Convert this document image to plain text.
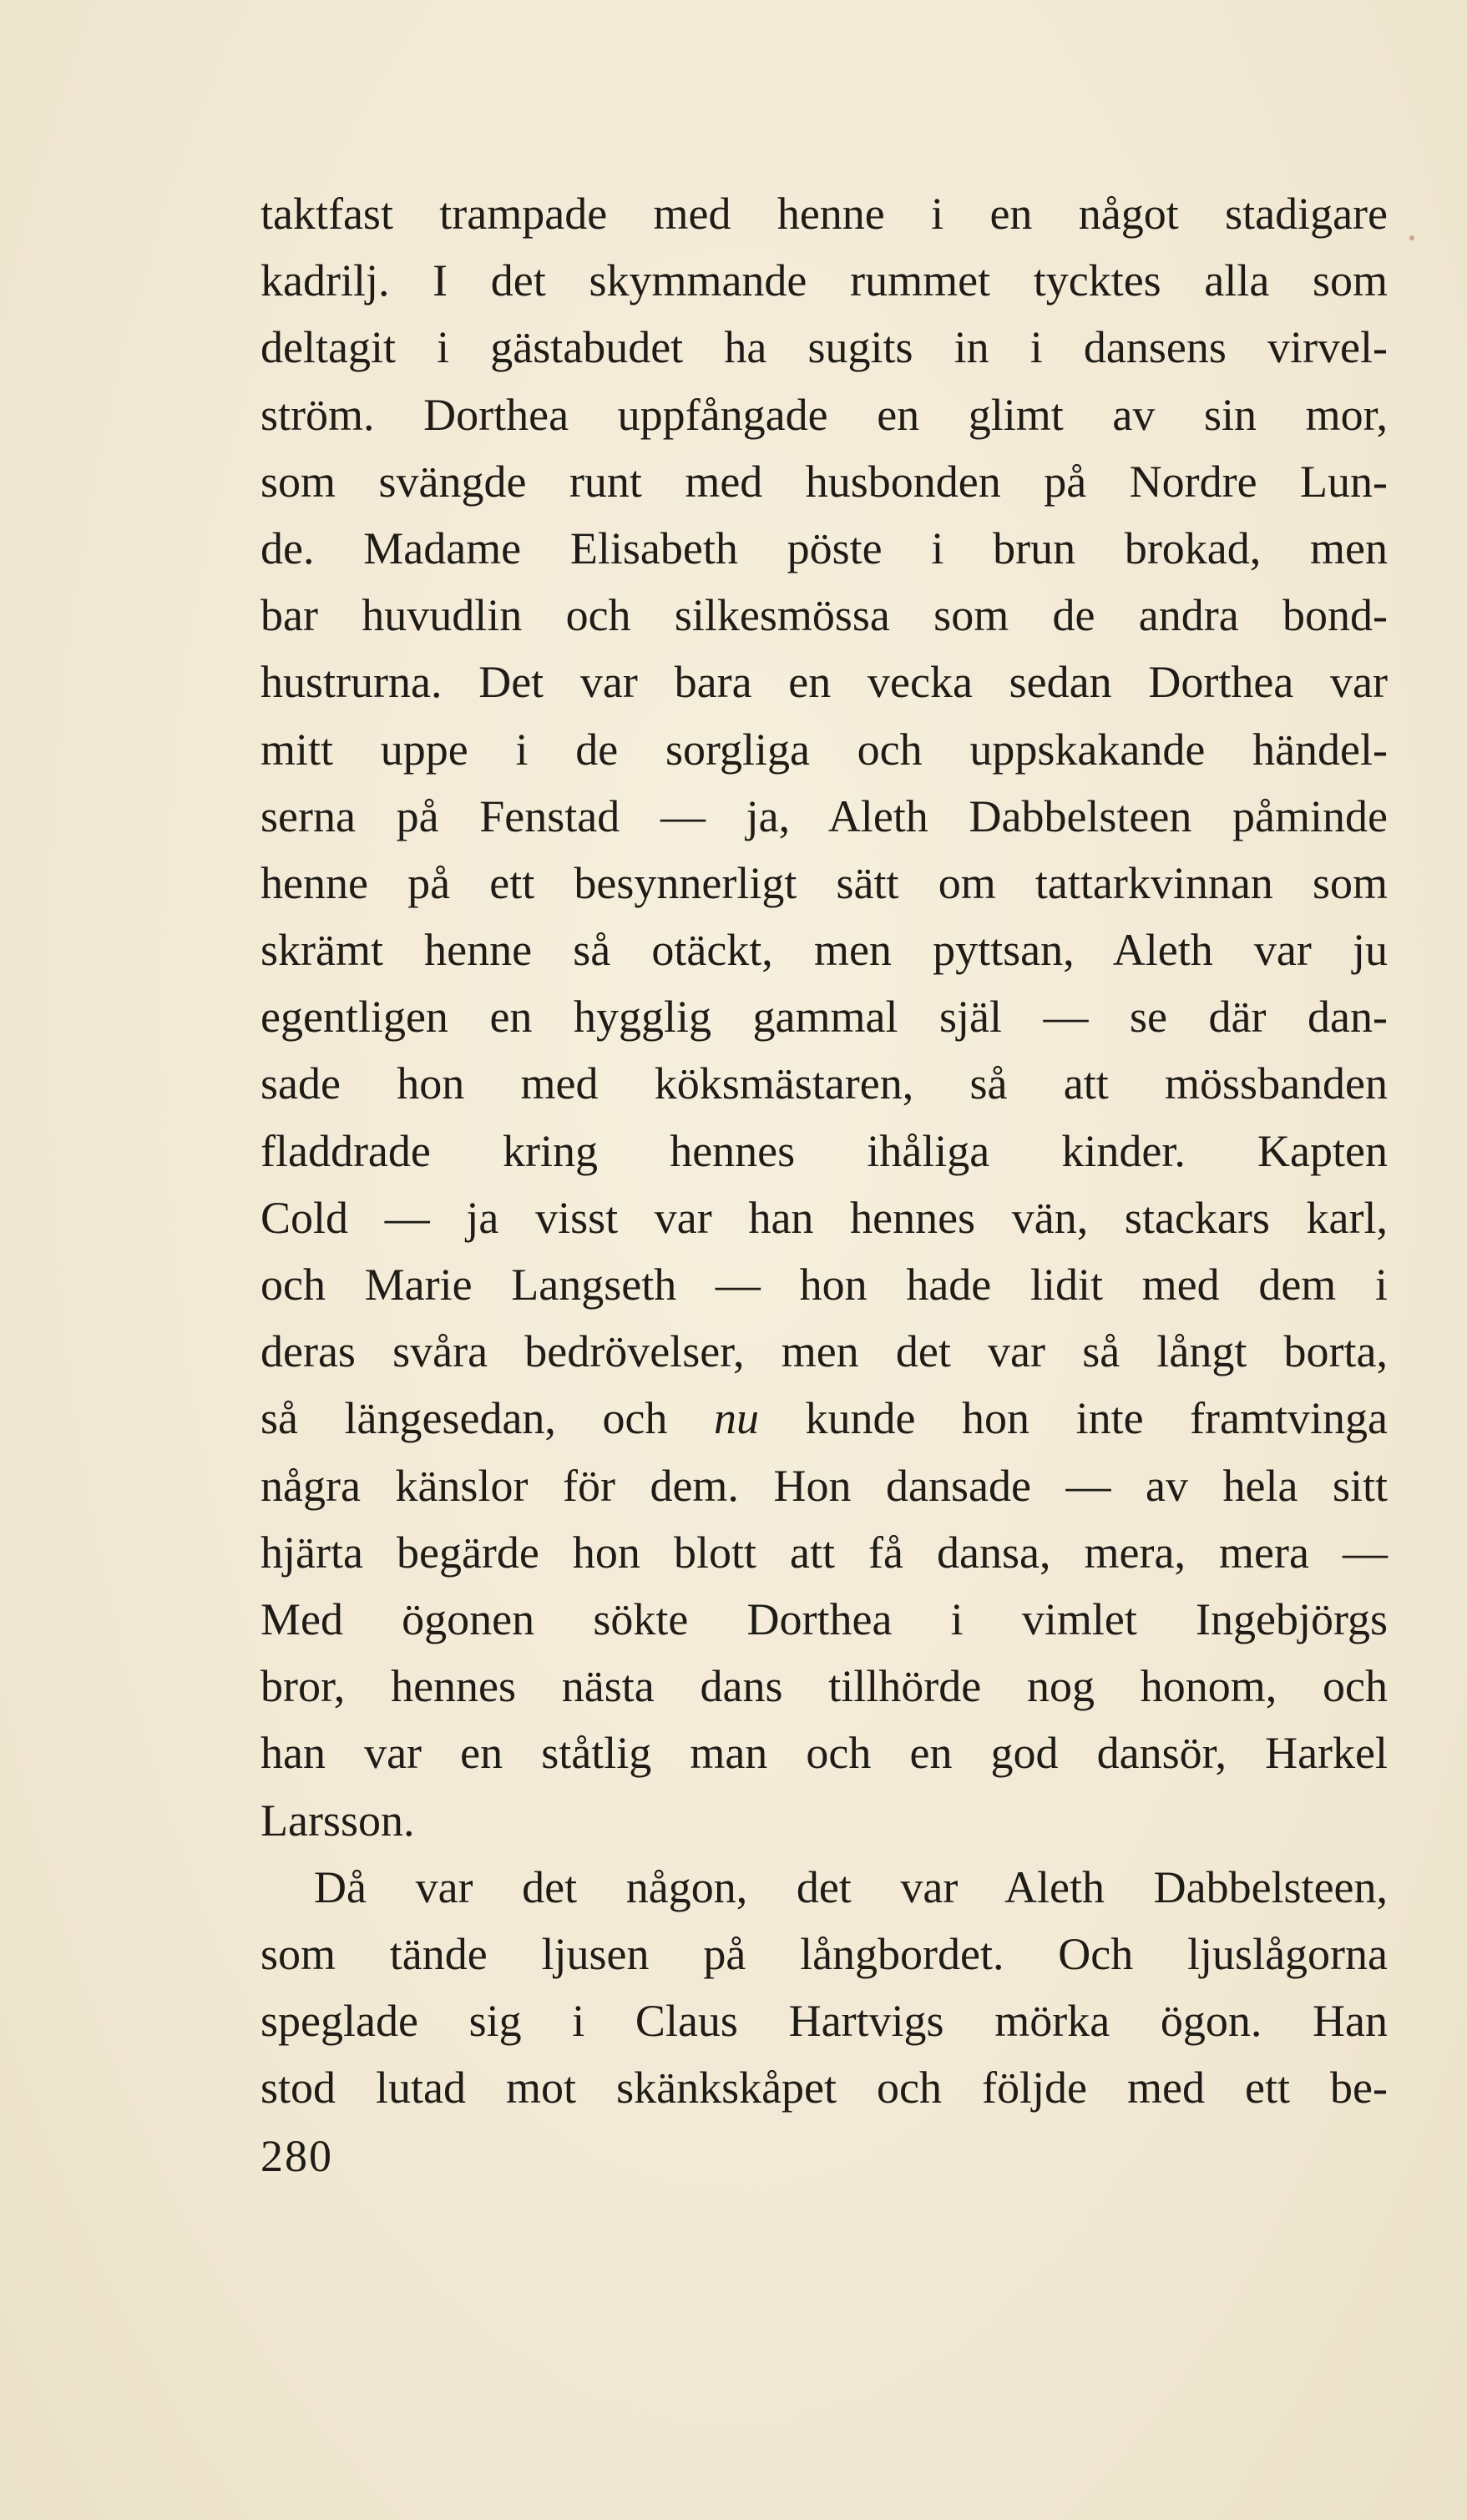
taktfast trampade med henne i en något stadigare
kadrilj. I det skymmande rummet tycktes alla som
deltagit i gästabudet ha sugits in i dansens virvel-
ström. Dorthea uppfångade en glimt av sin mor,
som svängde runt med husbonden på Nordre Lun-
de. Madame Elisabeth pöste i brun brokad, men
bar huvudlin och silkesmössa som de andra bond-
hustrurna. Det var bara en vecka sedan Dorthea var
mitt uppe i de sorgliga och uppskakande händel-
serna på Fenstad — ja, Aleth Dabbelsteen påminde
henne på ett besynnerligt sätt om tattarkvinnan som
skrämt henne så otäckt, men pyttsan, Aleth var ju
egentligen en hygglig gammal själ — se där dan-
sade hon med köksmästaren, så att mössbanden
fladdrade kring hennes ihåliga kinder. Kapten
Cold — ja visst var han hennes vän, stackars karl,
och Marie Langseth — hon hade lidit med dem i
deras svåra bedrövelser, men det var så långt borta,
så längesedan, och nu kunde hon inte framtvinga
några känslor för dem. Hon dansade — av hela sitt
hjärta begärde hon blott att få dansa, mera, mera —
Med ögonen sökte Dorthea i vimlet Ingebjörgs
bror, hennes nästa dans tillhörde nog honom, och
han var en ståtlig man och en god dansör, Harkel
Larsson.
Då var det någon, det var Aleth Dabbelsteen,
som tände ljusen på långbordet. Och ljuslågorna
speglade sig i Claus Hartvigs mörka ögon. Han
stod lutad mot skänkskåpet och följde med ett be-
280
